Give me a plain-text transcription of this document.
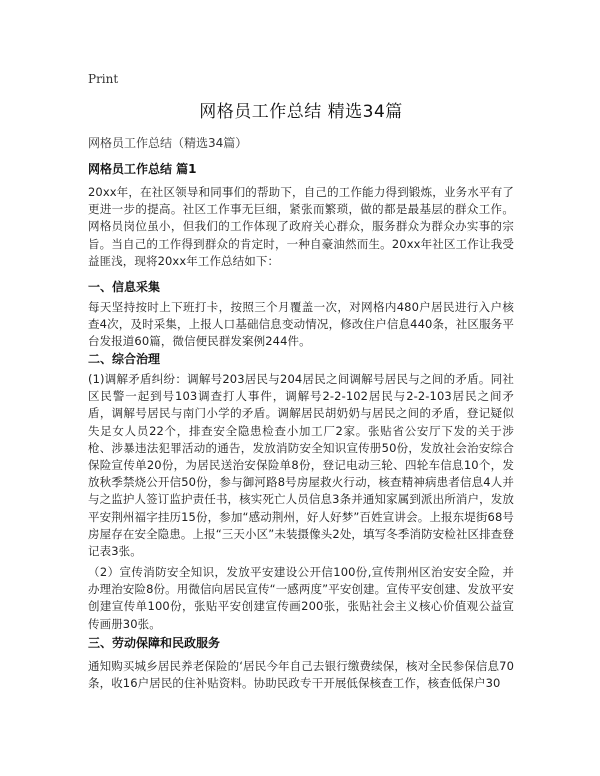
Print
网格员工作总结 精选34篇
网格员工作总结（精选34篇）
网格员工作总结 篇1

20xx年，在社区领导和同事们的帮助下，自己的工作能力得到锻炼，业务水平有了更进一步的提高。社区工作事无巨细，紧张而繁琐，做的都是最基层的群众工作。网格员岗位虽小，但我们的工作体现了政府关心群众，服务群众为群众办实事的宗旨。当自己的工作得到群众的肯定时，一种自豪油然而生。20xx年社区工作让我受益匪浅，现将20xx年工作总结如下：

一、信息采集

每天坚持按时上下班打卡，按照三个月覆盖一次，对网格内480户居民进行入户核查4次，及时采集，上报人口基础信息变动情况，修改住户信息440条，社区服务平台发报道60篇，微信便民群发案例244件。

二、综合治理

(1)调解矛盾纠纷：调解号203居民与204居民之间调解号居民与之间的矛盾。同社区民警一起到号103调查打人事件，调解号2-2-102居民与2-2-103居民之间矛盾，调解号居民与南门小学的矛盾。调解居民胡奶奶与居民之间的矛盾，登记疑似失足女人员22个，排查安全隐患检查小加工厂2家。张贴省公安厅下发的关于涉枪、涉暴违法犯罪活动的通告，发放消防安全知识宣传册50份，发放社会治安综合保险宣传单20份，为居民送治安保险单8份，登记电动三轮、四轮车信息10个，发放秋季禁烧公开信50份，参与御河路8号房屋救火行动，核查精神病患者信息4人并与之监护人签订监护责任书，核实死亡人员信息3条并通知家属到派出所消户，发放平安荆州福字挂历15份，参加“感动荆州，好人好梦”百姓宣讲会。上报东堤街68号房屋存在安全隐患。上报“三天小区”未装摄像头2处，填写冬季消防安检社区排查登记表3张。

（2）宣传消防安全知识，发放平安建设公开信100份,宣传荆州区治安安全险，并办理治安险8份。用微信向居民宣传“一感两度”平安创建。宣传平安创建、发放平安创建宣传单100份，张贴平安创建宣传画200张，张贴社会主义核心价值观公益宣传画册30张。

三、劳动保障和民政服务

通知购买城乡居民养老保险的‘居民今年自己去银行缴费续保，核对全民参保信息70条，收16户居民的住补贴资料。协助民政专干开展低保核查工作，核查低保户30
